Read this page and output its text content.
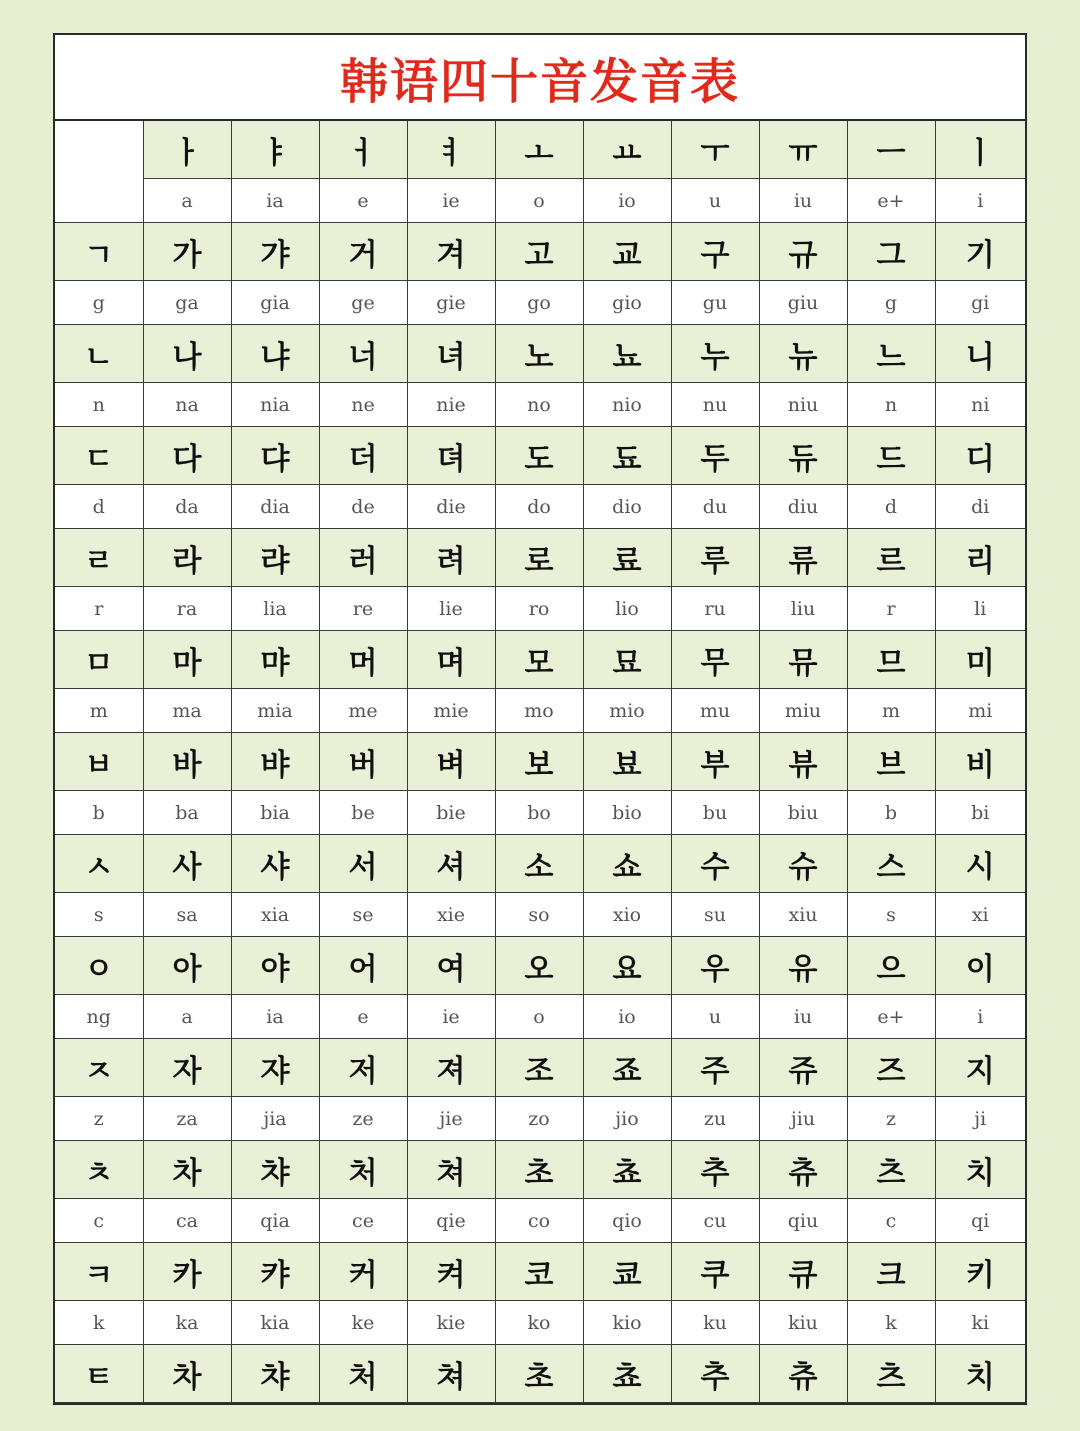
韩语四十音发音表
	ㅏ	ㅑ	ㅓ	ㅕ	ㅗ	ㅛ	ㅜ	ㅠ	ㅡ	ㅣ
	a	ia	e	ie	o	io	u	iu	e+	i
ㄱ	가	갸	거	겨	고	교	구	규	그	기
g	ga	gia	ge	gie	go	gio	gu	giu	g	gi
ㄴ	나	냐	너	녀	노	뇨	누	뉴	느	니
n	na	nia	ne	nie	no	nio	nu	niu	n	ni
ㄷ	다	댜	더	뎌	도	됴	두	듀	드	디
d	da	dia	de	die	do	dio	du	diu	d	di
ㄹ	라	랴	러	려	로	료	루	류	르	리
r	ra	lia	re	lie	ro	lio	ru	liu	r	li
ㅁ	마	먀	머	며	모	묘	무	뮤	므	미
m	ma	mia	me	mie	mo	mio	mu	miu	m	mi
ㅂ	바	뱌	버	벼	보	뵤	부	뷰	브	비
b	ba	bia	be	bie	bo	bio	bu	biu	b	bi
ㅅ	사	샤	서	셔	소	쇼	수	슈	스	시
s	sa	xia	se	xie	so	xio	su	xiu	s	xi
ㅇ	아	야	어	여	오	요	우	유	으	이
ng	a	ia	e	ie	o	io	u	iu	e+	i
ㅈ	자	쟈	저	져	조	죠	주	쥬	즈	지
z	za	jia	ze	jie	zo	jio	zu	jiu	z	ji
ㅊ	차	챠	처	쳐	초	쵸	추	츄	츠	치
c	ca	qia	ce	qie	co	qio	cu	qiu	c	qi
ㅋ	카	캬	커	켜	코	쿄	쿠	큐	크	키
k	ka	kia	ke	kie	ko	kio	ku	kiu	k	ki
ㅌ	차	챠	처	쳐	초	쵸	추	츄	츠	치
